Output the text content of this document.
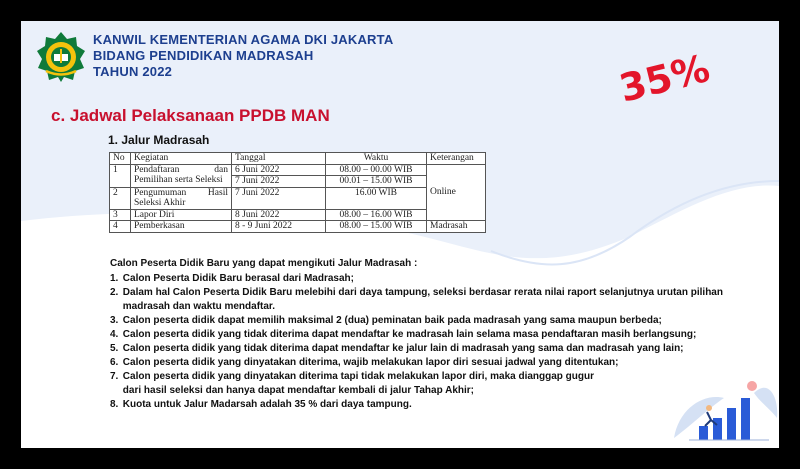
KANWIL KEMENTERIAN AGAMA DKI JAKARTA
BIDANG PENDIDIKAN MADRASAH
TAHUN 2022	35%
c. Jadwal Pelaksanaan PPDB MAN
1. Jalur Madrasah
No	Kegiatan	Tanggal	Waktu	Keterangan
1	Pendaftaran dan Pemilihan serta Seleksi	6 Juni 2022	08.00 – 00.00 WIB	Online
		7 Juni 2022	00.01 – 15.00 WIB	
2	Pengumuman Hasil Seleksi Akhir	7 Juni 2022	16.00 WIB	
3	Lapor Diri	8 Juni 2022	08.00 – 16.00 WIB	
4	Pemberkasan	8 - 9 Juni 2022	08.00 – 15.00 WIB	Madrasah
Calon Peserta Didik Baru yang dapat mengikuti Jalur Madrasah :
1. Calon Peserta Didik Baru berasal dari Madrasah;
2. Dalam hal Calon Peserta Didik Baru melebihi dari daya tampung, seleksi berdasar rerata nilai raport selanjutnya urutan pilihan
madrasah dan waktu mendaftar.
3. Calon peserta didik dapat memilih maksimal 2 (dua) peminatan baik pada madrasah yang sama maupun berbeda;
4. Calon peserta didik yang tidak diterima dapat mendaftar ke madrasah lain selama masa pendaftaran masih berlangsung;
5. Calon peserta didik yang tidak diterima dapat mendaftar ke jalur lain di madrasah yang sama dan madrasah yang lain;
6. Calon peserta didik yang dinyatakan diterima, wajib melakukan lapor diri sesuai jadwal yang ditentukan;
7. Calon peserta didik yang dinyatakan diterima tapi tidak melakukan lapor diri, maka dianggap gugur
dari hasil seleksi dan hanya dapat mendaftar kembali di jalur Tahap Akhir;
8. Kuota untuk Jalur Madarsah adalah 35 % dari daya tampung.
